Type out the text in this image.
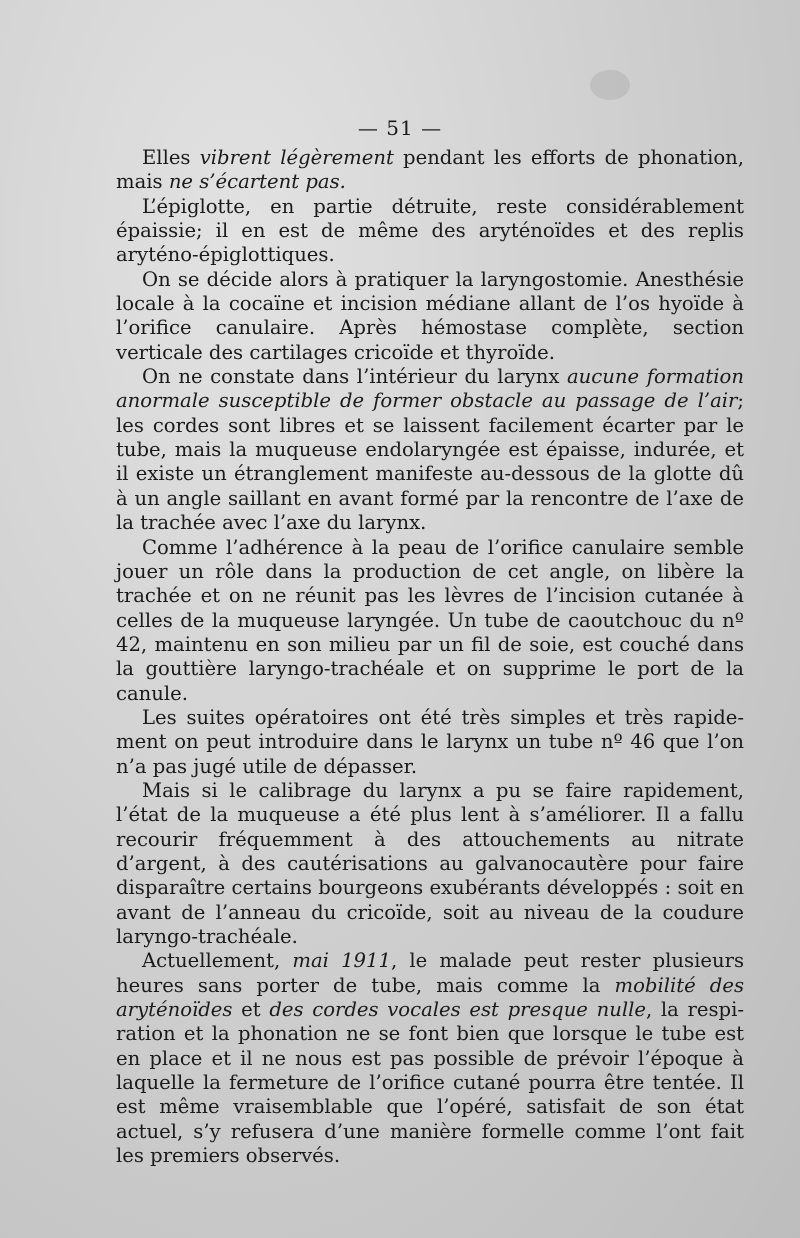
— 51 —

Elles vibrent légèrement pendant les efforts de phonation, mais ne s’écartent pas.

L’épiglotte, en partie détruite, reste considérablement épaissie; il en est de même des aryténoïdes et des replis aryténo-épiglottiques.

On se décide alors à pratiquer la laryngostomie. Anesthésie locale à la cocaïne et incision médiane allant de l’os hyoïde à l’orifice canulaire. Après hémostase complète, section verticale des cartilages cricoïde et thyroïde.

On ne constate dans l’intérieur du larynx aucune formation anormale susceptible de former obstacle au passage de l’air; les cordes sont libres et se laissent facilement écarter par le tube, mais la muqueuse endolaryngée est épaisse, indurée, et il existe un étranglement manifeste au-dessous de la glotte dû à un angle saillant en avant formé par la rencontre de l’axe de la trachée avec l’axe du larynx.

Comme l’adhérence à la peau de l’orifice canulaire semble jouer un rôle dans la production de cet angle, on libère la trachée et on ne réunit pas les lèvres de l’incision cutanée à celles de la muqueuse laryngée. Un tube de caoutchouc du nº 42, maintenu en son milieu par un fil de soie, est couché dans la gouttière laryngo-trachéale et on supprime le port de la canule.

Les suites opératoires ont été très simples et très rapidement on peut introduire dans le larynx un tube nº 46 que l’on n’a pas jugé utile de dépasser.

Mais si le calibrage du larynx a pu se faire rapidement, l’état de la muqueuse a été plus lent à s’améliorer. Il a fallu recourir fréquemment à des attouchements au nitrate d’argent, à des cautérisations au galvanocautère pour faire disparaître certains bourgeons exubérants développés : soit en avant de l’anneau du cricoïde, soit au niveau de la coudure laryngo-trachéale.

Actuellement, mai 1911, le malade peut rester plusieurs heures sans porter de tube, mais comme la mobilité des aryténoïdes et des cordes vocales est presque nulle, la respiration et la phonation ne se font bien que lorsque le tube est en place et il ne nous est pas possible de prévoir l’époque à laquelle la fermeture de l’orifice cutané pourra être tentée. Il est même vraisemblable que l’opéré, satisfait de son état actuel, s’y refusera d’une manière formelle comme l’ont fait les premiers observés.
